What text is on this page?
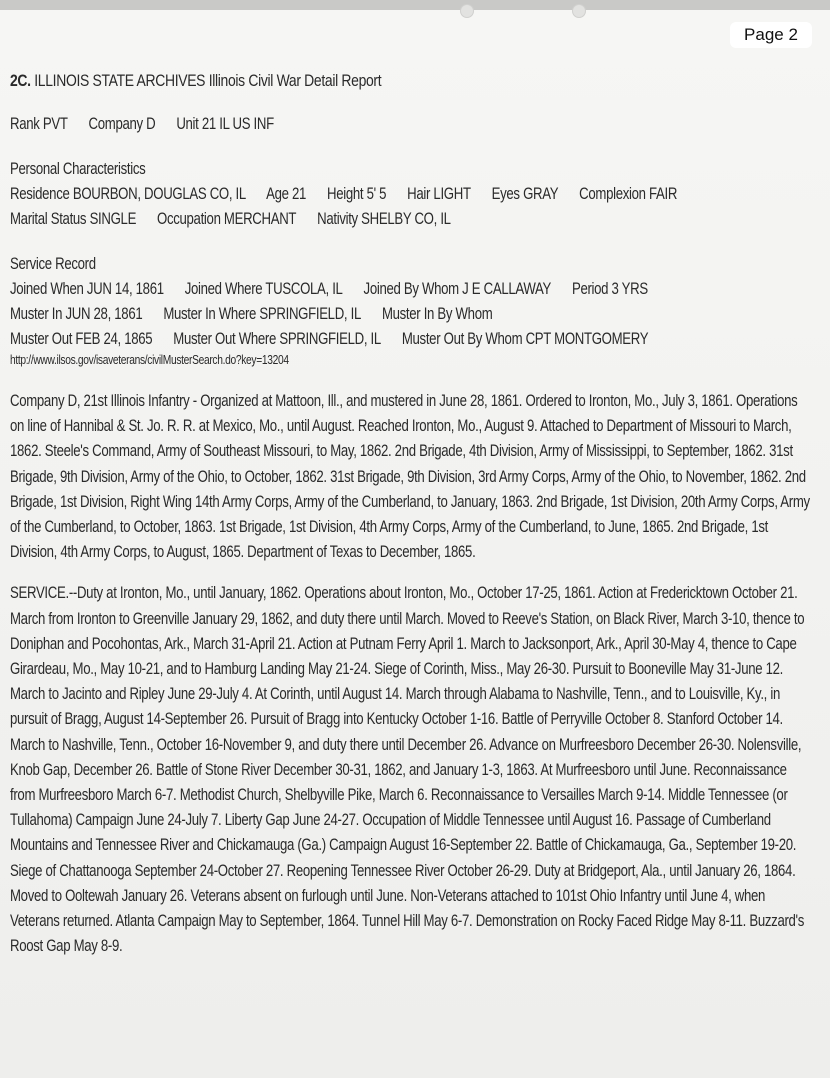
Page 2
2C. ILLINOIS STATE ARCHIVES Illinois Civil War Detail Report
Rank PVT Company D Unit 21 IL US INF
Personal Characteristics
Residence BOURBON, DOUGLAS CO, IL Age 21 Height 5' 5 Hair LIGHT Eyes GRAY Complexion FAIR
Marital Status SINGLE Occupation MERCHANT Nativity SHELBY CO, IL
Service Record
Joined When JUN 14, 1861 Joined Where TUSCOLA, IL Joined By Whom J E CALLAWAY Period 3 YRS
Muster In JUN 28, 1861 Muster In Where SPRINGFIELD, IL Muster In By Whom
Muster Out FEB 24, 1865 Muster Out Where SPRINGFIELD, IL Muster Out By Whom CPT MONTGOMERY
http://www.ilsos.gov/isaveterans/civilMusterSearch.do?key=13204

Company D, 21st Illinois Infantry - Organized at Mattoon, Ill., and mustered in June 28, 1861. Ordered to Ironton, Mo., July 3, 1861. Operations on line of Hannibal & St. Jo. R. R. at Mexico, Mo., until August. Reached Ironton, Mo., August 9. Attached to Department of Missouri to March, 1862. Steele's Command, Army of Southeast Missouri, to May, 1862. 2nd Brigade, 4th Division, Army of Mississippi, to September, 1862. 31st Brigade, 9th Division, Army of the Ohio, to October, 1862. 31st Brigade, 9th Division, 3rd Army Corps, Army of the Ohio, to November, 1862. 2nd Brigade, 1st Division, Right Wing 14th Army Corps, Army of the Cumberland, to January, 1863. 2nd Brigade, 1st Division, 20th Army Corps, Army of the Cumberland, to October, 1863. 1st Brigade, 1st Division, 4th Army Corps, Army of the Cumberland, to June, 1865. 2nd Brigade, 1st Division, 4th Army Corps, to August, 1865. Department of Texas to December, 1865.

SERVICE.--Duty at Ironton, Mo., until January, 1862. Operations about Ironton, Mo., October 17-25, 1861. Action at Fredericktown October 21. March from Ironton to Greenville January 29, 1862, and duty there until March. Moved to Reeve's Station, on Black River, March 3-10, thence to Doniphan and Pocohontas, Ark., March 31-April 21. Action at Putnam Ferry April 1. March to Jacksonport, Ark., April 30-May 4, thence to Cape Girardeau, Mo., May 10-21, and to Hamburg Landing May 21-24. Siege of Corinth, Miss., May 26-30. Pursuit to Booneville May 31-June 12. March to Jacinto and Ripley June 29-July 4. At Corinth, until August 14. March through Alabama to Nashville, Tenn., and to Louisville, Ky., in pursuit of Bragg, August 14-September 26. Pursuit of Bragg into Kentucky October 1-16. Battle of Perryville October 8. Stanford October 14. March to Nashville, Tenn., October 16-November 9, and duty there until December 26. Advance on Murfreesboro December 26-30. Nolensville, Knob Gap, December 26. Battle of Stone River December 30-31, 1862, and January 1-3, 1863. At Murfreesboro until June. Reconnaissance from Murfreesboro March 6-7. Methodist Church, Shelbyville Pike, March 6. Reconnaissance to Versailles March 9-14. Middle Tennessee (or Tullahoma) Campaign June 24-July 7. Liberty Gap June 24-27. Occupation of Middle Tennessee until August 16. Passage of Cumberland Mountains and Tennessee River and Chickamauga (Ga.) Campaign August 16-September 22. Battle of Chickamauga, Ga., September 19-20. Siege of Chattanooga September 24-October 27. Reopening Tennessee River October 26-29. Duty at Bridgeport, Ala., until January 26, 1864. Moved to Ooltewah January 26. Veterans absent on furlough until June. Non-Veterans attached to 101st Ohio Infantry until June 4, when Veterans returned. Atlanta Campaign May to September, 1864. Tunnel Hill May 6-7. Demonstration on Rocky Faced Ridge May 8-11. Buzzard's Roost Gap May 8-9.
